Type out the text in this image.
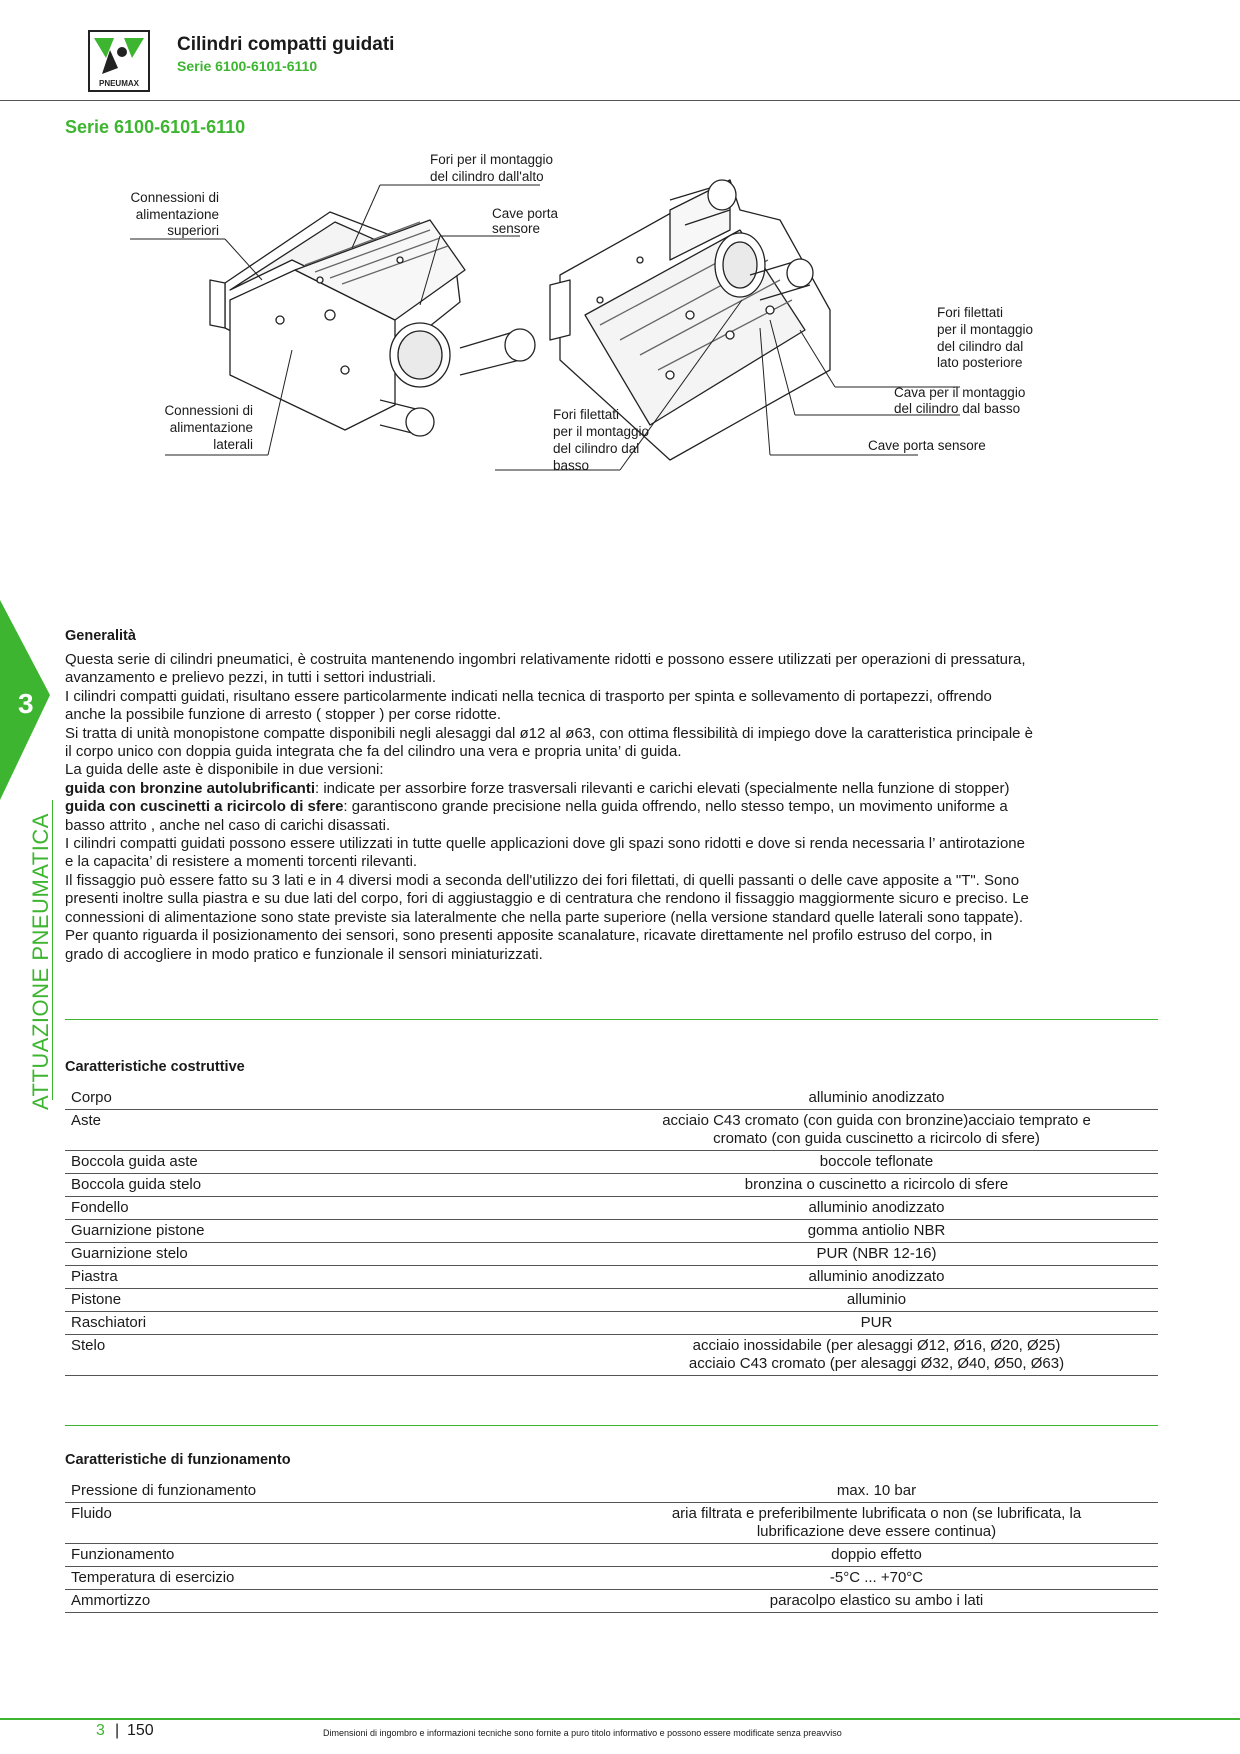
PNEUMAX
Cilindri compatti guidati
Serie 6100-6101-6110
Serie 6100-6101-6110
Connessioni di
alimentazione
superiori
Fori per il montaggio
del cilindro dall'alto
Cave porta
sensore
Connessioni di
alimentazione
laterali
Fori filettati
per il montaggio
del cilindro dal
basso
Fori filettati
per il montaggio
del cilindro dal
lato posteriore
Cava per il montaggio
del cilindro dal basso
Cave porta sensore
3
ATTUAZIONE PNEUMATICA
Generalità

Questa serie di cilindri pneumatici, è costruita mantenendo ingombri relativamente ridotti e possono essere utilizzati per operazioni di pressatura,

avanzamento e prelievo pezzi, in tutti i settori industriali.

I cilindri compatti guidati, risultano essere particolarmente indicati nella tecnica di trasporto per spinta e sollevamento di portapezzi, offrendo

anche la possibile funzione di arresto ( stopper ) per corse ridotte.

Si tratta di unità monopistone compatte disponibili negli alesaggi dal ø12 al ø63, con ottima flessibilità di impiego dove la caratteristica principale è

il corpo unico con doppia guida integrata che fa del cilindro una vera e propria unita’ di guida.

La guida delle aste è disponibile in due versioni:

guida con bronzine autolubrificanti: indicate per assorbire forze trasversali rilevanti e carichi elevati (specialmente nella funzione di stopper)

guida con cuscinetti a ricircolo di sfere: garantiscono grande precisione nella guida offrendo, nello stesso tempo, un movimento uniforme a

basso attrito , anche nel caso di carichi disassati.

I cilindri compatti guidati possono essere utilizzati in tutte quelle applicazioni dove gli spazi sono ridotti e dove si renda necessaria l’ antirotazione

e la capacita’ di resistere a momenti torcenti rilevanti.

Il fissaggio può essere fatto su 3 lati e in 4 diversi modi a seconda dell'utilizzo dei fori filettati, di quelli passanti o delle cave apposite a "T". Sono

presenti inoltre sulla piastra e su due lati del corpo, fori di aggiustaggio e di centratura che rendono il fissaggio maggiormente sicuro e preciso. Le

connessioni di alimentazione sono state previste sia lateralmente che nella parte superiore (nella versione standard quelle laterali sono tappate).

Per quanto riguarda il posizionamento dei sensori, sono presenti apposite scanalature, ricavate direttamente nel profilo estruso del corpo, in

grado di accogliere in modo pratico e funzionale il sensori miniaturizzati.

Caratteristiche costruttive
Corpo	alluminio anodizzato

Aste	acciaio C43 cromato (con guida con bronzine)acciaio temprato e
cromato (con guida cuscinetto a ricircolo di sfere)

Boccola guida aste	boccole teflonate

Boccola guida stelo	bronzina o cuscinetto a ricircolo di sfere

Fondello	alluminio anodizzato

Guarnizione pistone	gomma antiolio NBR

Guarnizione stelo	PUR (NBR 12-16)

Piastra	alluminio anodizzato

Pistone	alluminio

Raschiatori	PUR

Stelo	acciaio inossidabile (per alesaggi Ø12, Ø16, Ø20, Ø25)
acciaio C43 cromato (per alesaggi Ø32, Ø40, Ø50, Ø63)
Caratteristiche di funzionamento
Pressione di funzionamento	max. 10 bar

Fluido	aria filtrata e preferibilmente lubrificata o non (se lubrificata, la
lubrificazione deve essere continua)

Funzionamento	doppio effetto

Temperatura di esercizio	-5°C ... +70°C

Ammortizzo	paracolpo elastico su ambo i lati
3 | 150	Dimensioni di ingombro e informazioni tecniche sono fornite a puro titolo informativo e possono essere modificate senza preavviso
